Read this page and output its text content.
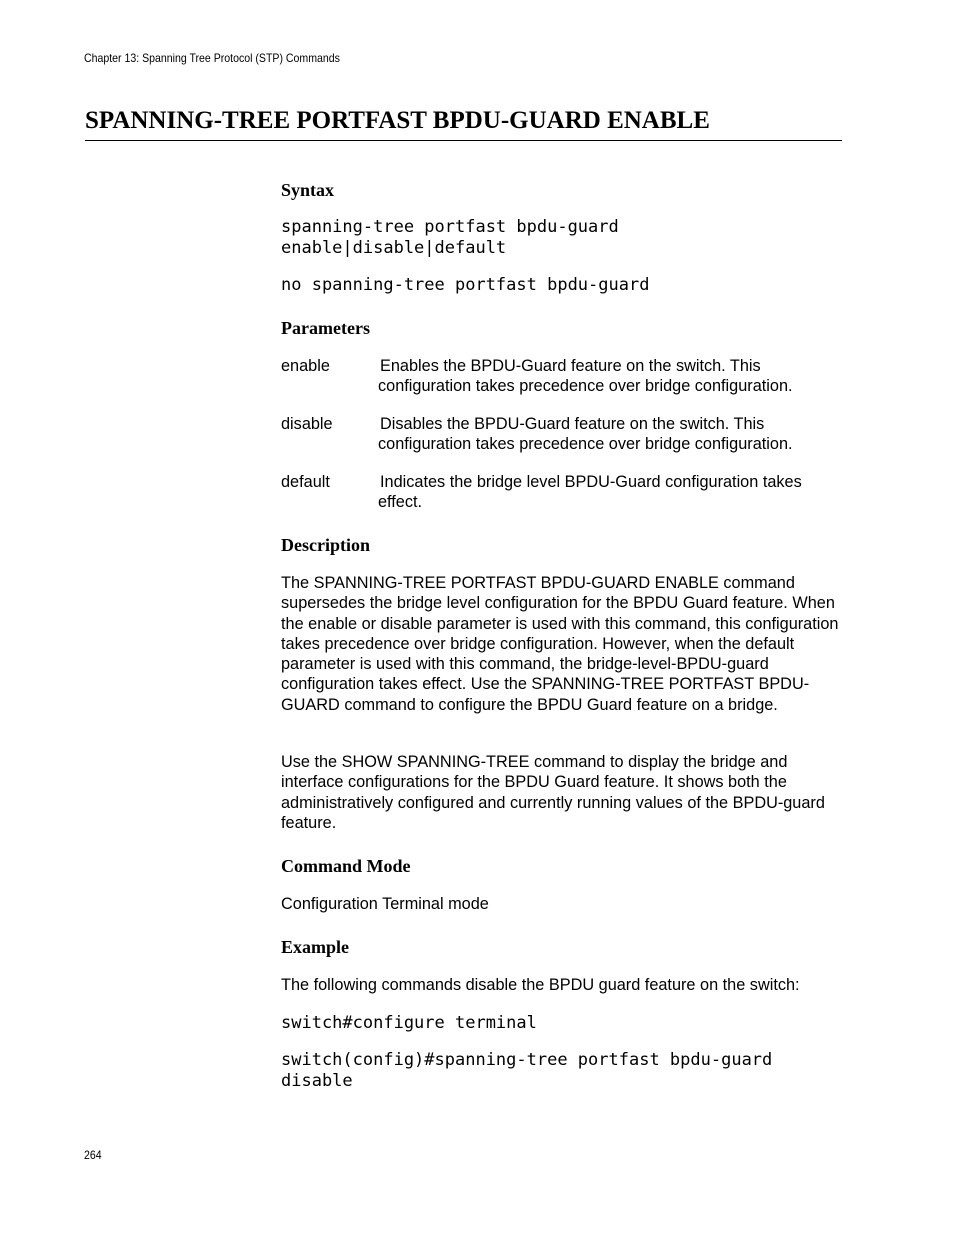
Chapter 13: Spanning Tree Protocol (STP) Commands
SPANNING-TREE PORTFAST BPDU-GUARD ENABLE
Syntax
spanning-tree portfast bpdu-guard
enable|disable|default
no spanning-tree portfast bpdu-guard
Parameters
enable	Enables the BPDU-Guard feature on the switch. This configuration takes precedence over bridge configuration.
disable	Disables the BPDU-Guard feature on the switch. This configuration takes precedence over bridge configuration.
default	Indicates the bridge level BPDU-Guard configuration takes effect.
Description

The SPANNING-TREE PORTFAST BPDU-GUARD ENABLE command supersedes the bridge level configuration for the BPDU Guard feature. When the enable or disable parameter is used with this command, this configuration takes precedence over bridge configuration. However, when the default parameter is used with this command, the bridge-level-BPDU-guard configuration takes effect. Use the SPANNING-TREE PORTFAST BPDU-GUARD command to configure the BPDU Guard feature on a bridge.

Use the SHOW SPANNING-TREE command to display the bridge and interface configurations for the BPDU Guard feature. It shows both the administratively configured and currently running values of the BPDU-guard feature.

Command Mode

Configuration Terminal mode

Example

The following commands disable the BPDU guard feature on the switch:

switch#configure terminal
switch(config)#spanning-tree portfast bpdu-guard
disable
264
